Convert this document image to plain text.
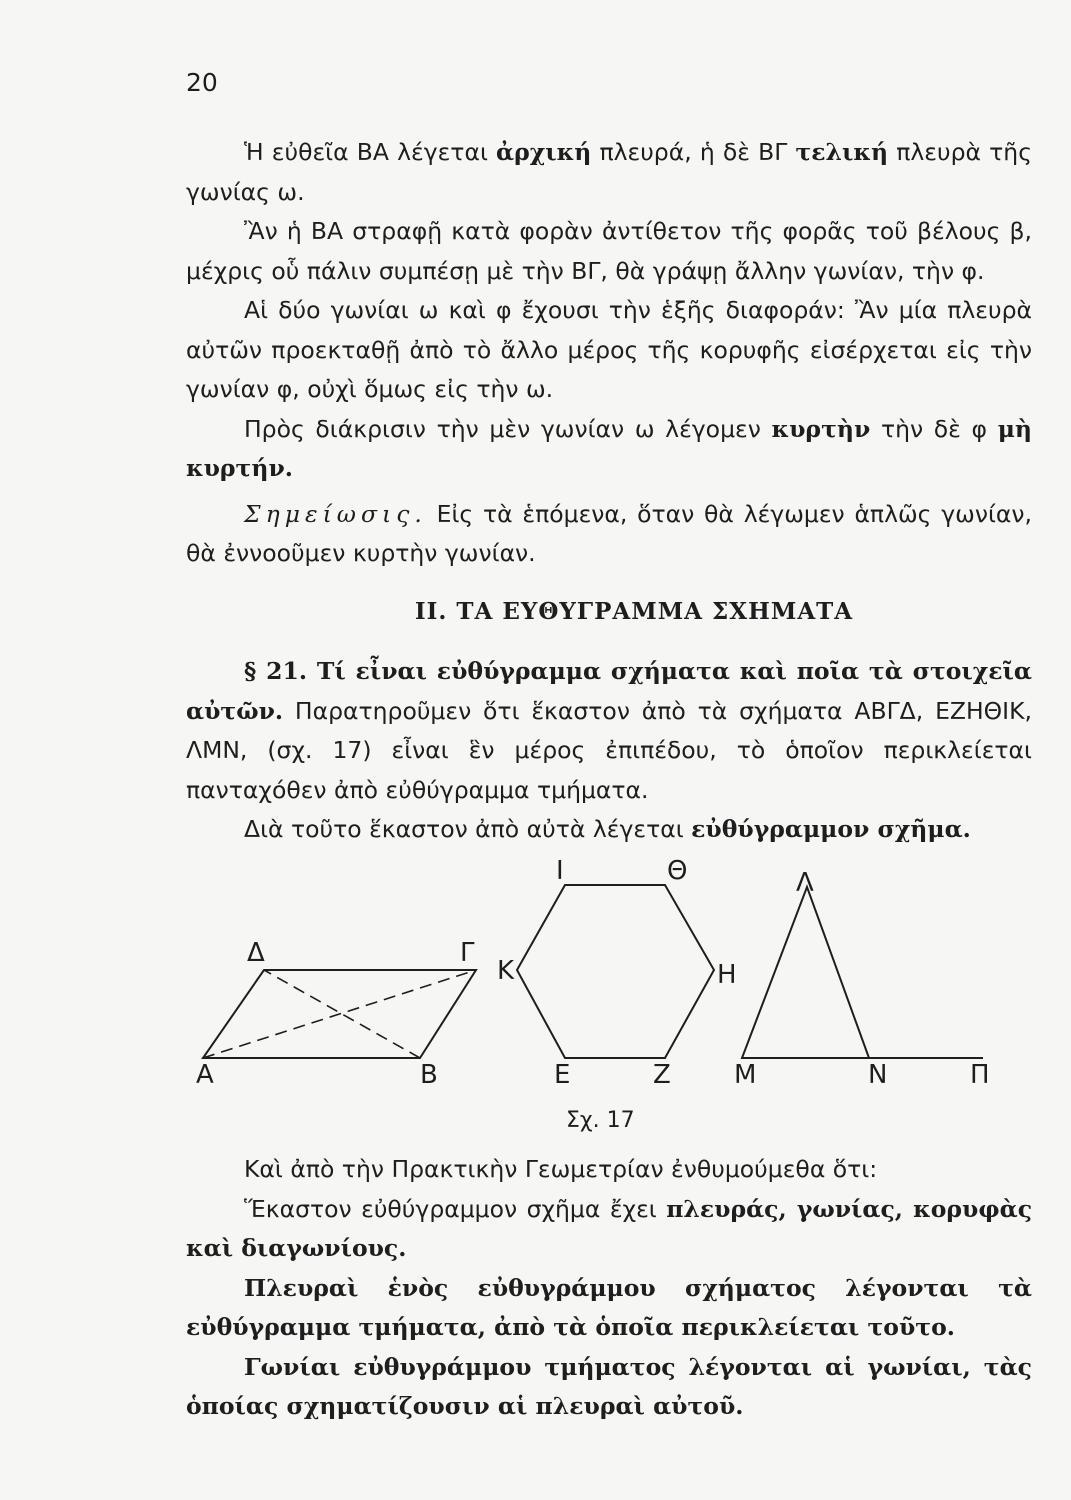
20

Ἡ εὐθεῖα ΒΑ λέγεται ἀρχική πλευρά, ἡ δὲ ΒΓ τελική πλευρὰ τῆς γωνίας ω.

Ἂν ἡ ΒΑ στραφῇ κατὰ φορὰν ἀντίθετον τῆς φορᾶς τοῦ βέλους β, μέχρις οὗ πάλιν συμπέσῃ μὲ τὴν ΒΓ, θὰ γράψῃ ἄλλην γωνίαν, τὴν φ.

Αἱ δύο γωνίαι ω καὶ φ ἔχουσι τὴν ἑξῆς διαφοράν: Ἂν μία πλευρὰ αὐτῶν προεκταθῇ ἀπὸ τὸ ἄλλο μέρος τῆς κορυφῆς εἰσέρχεται εἰς τὴν γωνίαν φ, οὐχὶ ὅμως εἰς τὴν ω.

Πρὸς διάκρισιν τὴν μὲν γωνίαν ω λέγομεν κυρτὴν τὴν δὲ φ μὴ κυρτήν.

Σημείωσις. Εἰς τὰ ἑπόμενα, ὅταν θὰ λέγωμεν ἁπλῶς γωνίαν, θὰ ἐννοοῦμεν κυρτὴν γωνίαν.

II. ΤΑ ΕΥΘΥΓΡΑΜΜΑ ΣΧΗΜΑΤΑ

§ 21. Τί εἶναι εὐθύγραμμα σχήματα καὶ ποῖα τὰ στοιχεῖα αὐτῶν. Παρατηροῦμεν ὅτι ἕκαστον ἀπὸ τὰ σχήματα ΑΒΓΔ, ΕΖΗΘΙΚ, ΛΜΝ, (σχ. 17) εἶναι ἓν μέρος ἐπιπέδου, τὸ ὁποῖον περικλείεται πανταχόθεν ἀπὸ εὐθύγραμμα τμήματα.

Διὰ τοῦτο ἕκαστον ἀπὸ αὐτὰ λέγεται εὐθύγραμμον σχῆμα.

Α	Β
Γ
Δ
Ε	Ζ
Η
Θ
Ι
Κ
Λ
Μ	Ν	Π
Σχ. 17

Καὶ ἀπὸ τὴν Πρακτικὴν Γεωμετρίαν ἐνθυμούμεθα ὅτι:

Ἕκαστον εὐθύγραμμον σχῆμα ἔχει πλευράς, γωνίας, κορυφὰς καὶ διαγωνίους.

Πλευραὶ ἑνὸς εὐθυγράμμου σχήματος λέγονται τὰ εὐθύγραμμα τμήματα, ἀπὸ τὰ ὁποῖα περικλείεται τοῦτο.

Γωνίαι εὐθυγράμμου τμήματος λέγονται αἱ γωνίαι, τὰς ὁποίας σχηματίζουσιν αἱ πλευραὶ αὐτοῦ.
